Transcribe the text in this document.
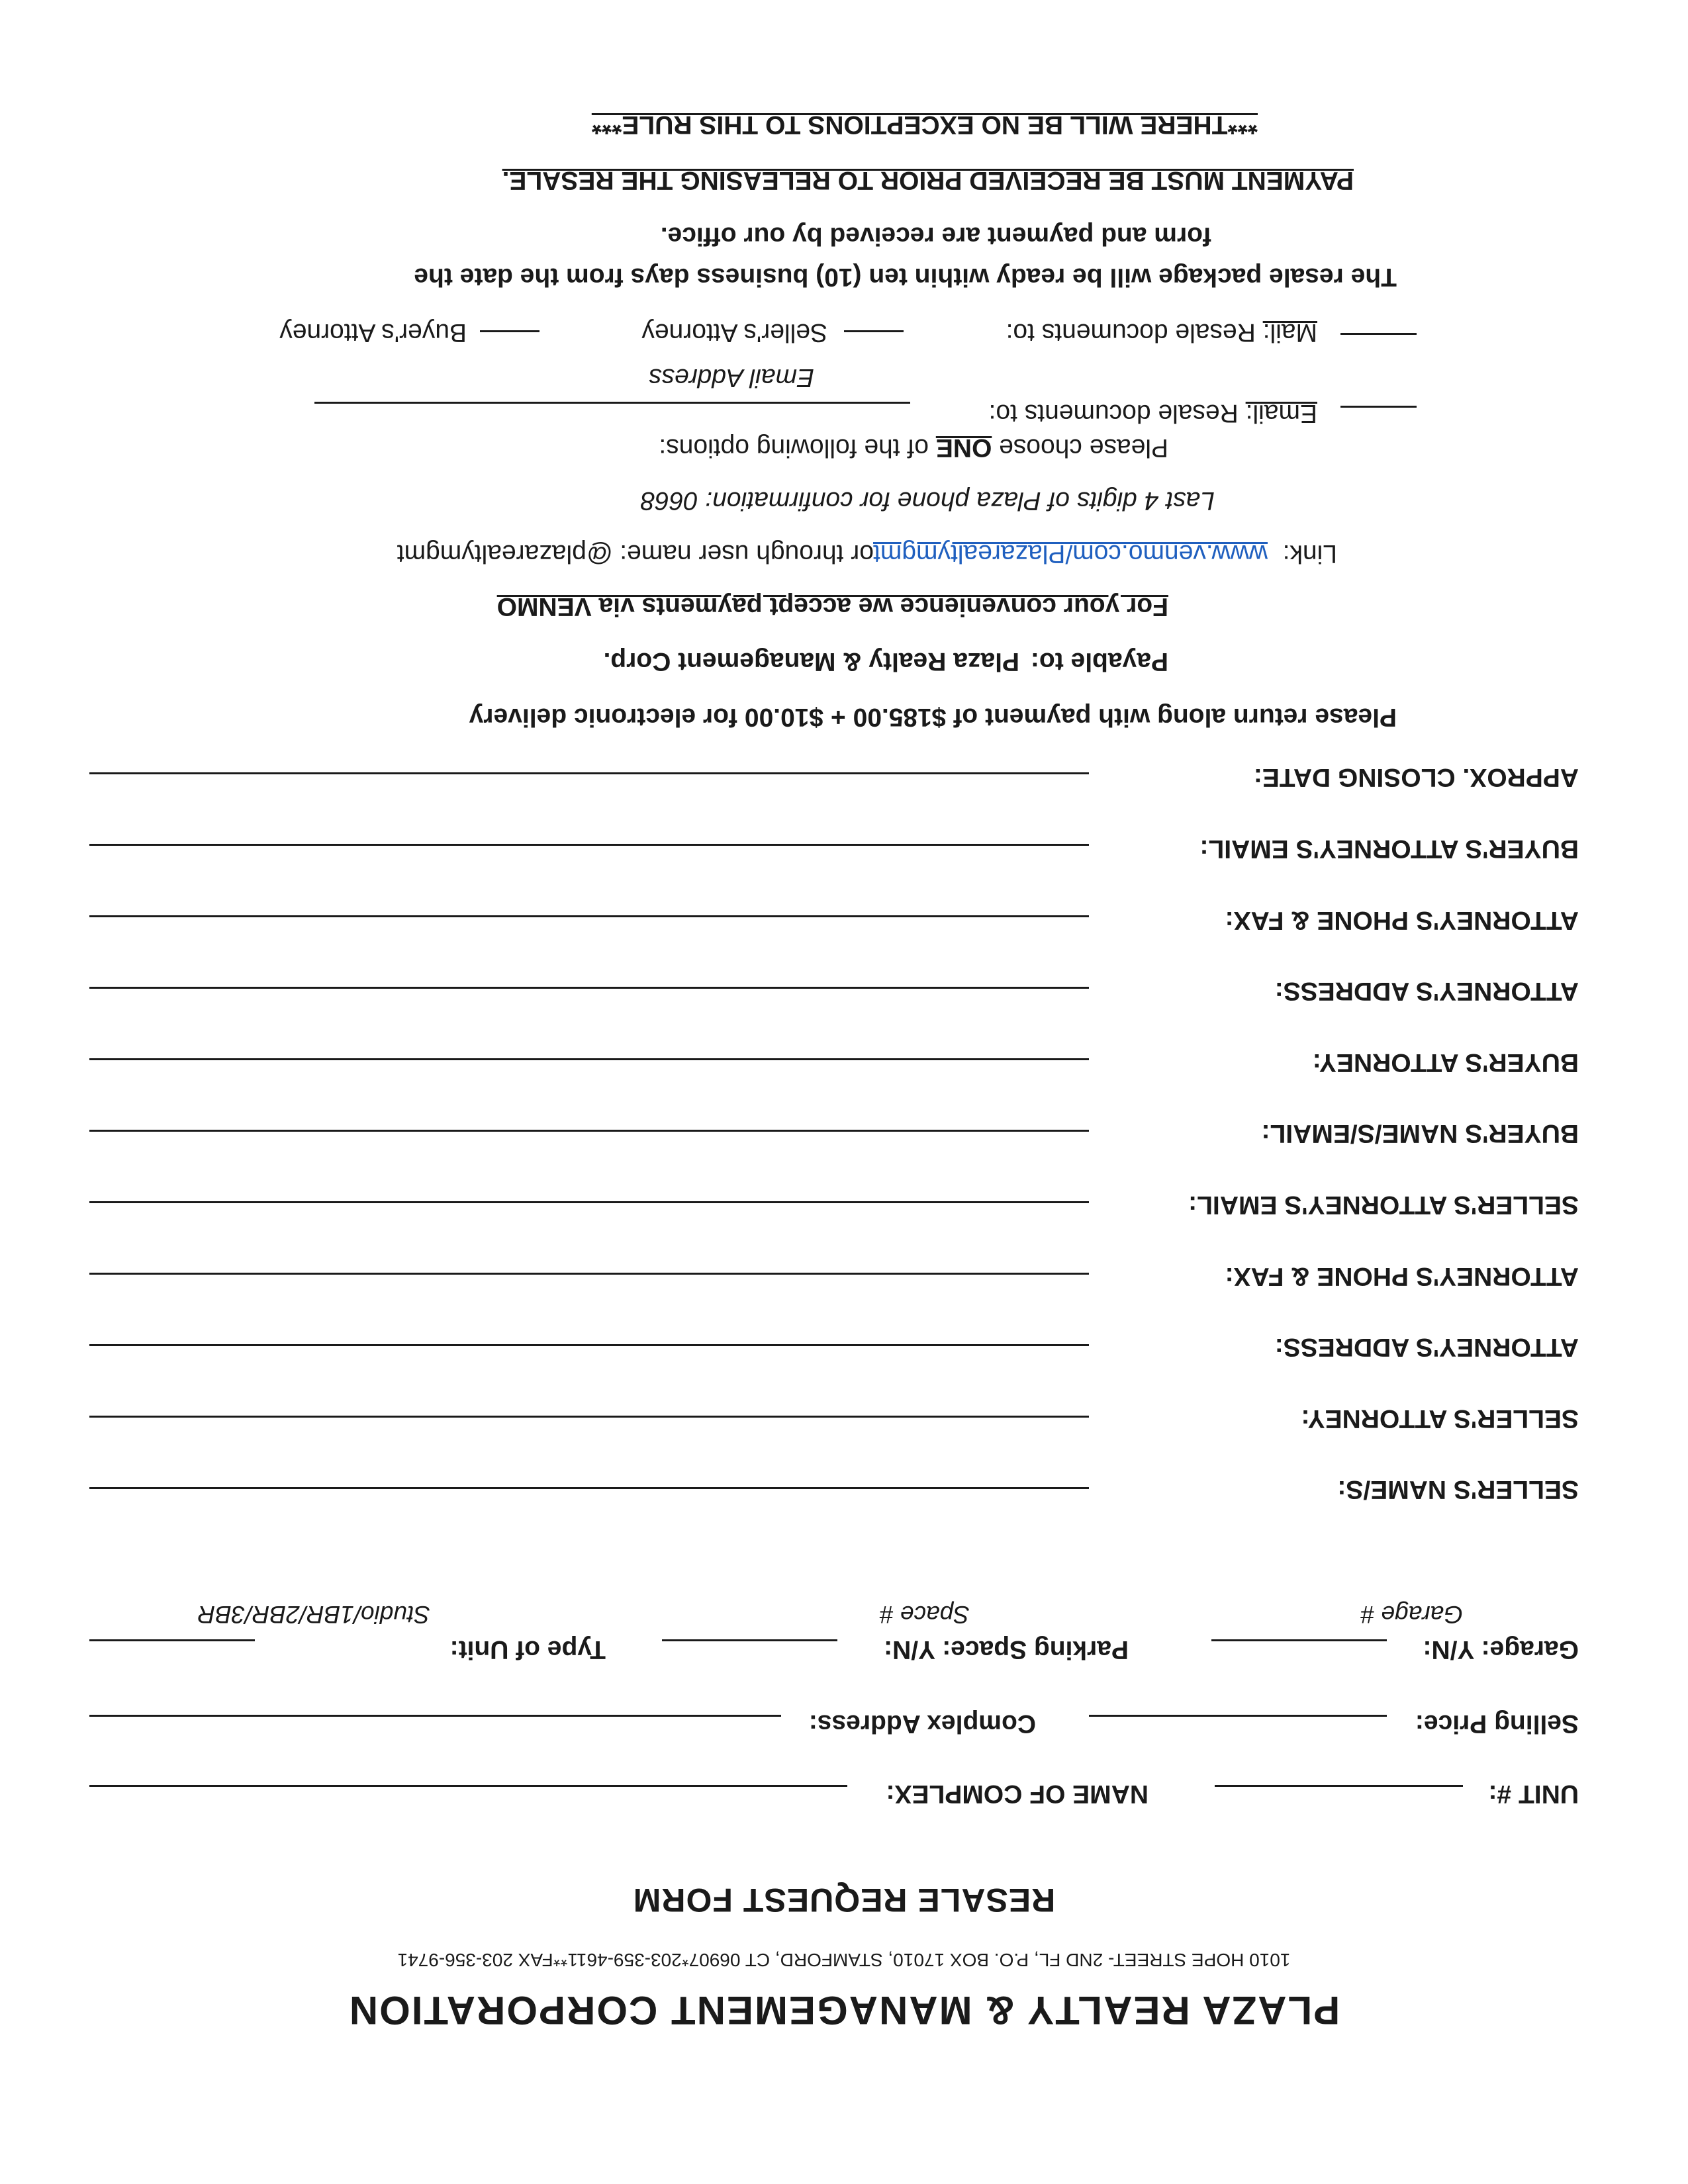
PLAZA REALTY & MANAGEMENT CORPORATION
1010 HOPE STREET- 2ND FL, P.O. BOX 17010, STAMFORD, CT 06907*203-359-4611**FAX 203-356-9741
RESALE REQUEST FORM
UNIT #:
NAME OF COMPLEX:
Selling Price:
Complex Address:
Garage: Y/N:
Garage #
Parking Space: Y/N:
Space #
Type of Unit:
Studio/1BR/2BR/3BR
SELLER'S NAME/S:
SELLER'S ATTORNEY:
ATTORNEY'S ADDRESS:
ATTORNEY'S PHONE & FAX:
SELLER'S ATTORNEY'S EMAIL:
BUYER'S NAME/S/EMAIL:
BUYER'S ATTORNEY:
ATTORNEY'S ADDRESS:
ATTORNEY'S PHONE & FAX:
BUYER'S ATTORNEY'S EMAIL:
APPROX. CLOSING DATE:
Please return along with payment of $185.00 + $10.00 for electronic delivery
Payable to:
Plaza Realty & Management Corp.
For your convenience we accept payments via VENMO
Link:
www.venmo.com/Plazarealtymgmt
or through user name: @plazarealtymgmt
Last 4 digits of Plaza phone for confirmation: 0668
Please choose ONE of the following options:
Email: Resale documents to:
Email Address
Mail: Resale documents to:
Seller's Attorney
Buyer's Attorney
The resale package will be ready within ten (10) business days from the date the
form and payment are received by our office.
PAYMENT MUST BE RECEIVED PRIOR TO RELEASING THE RESALE.
***THERE WILL BE NO EXCEPTIONS TO THIS RULE***
